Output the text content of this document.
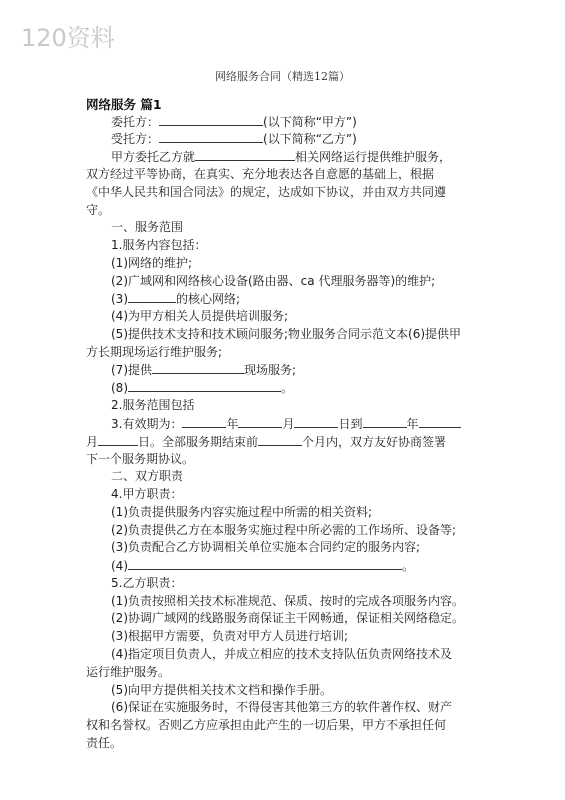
120资料
网络服务合同（精选12篇）
网络服务 篇1
委托方：	(以下简称“甲方”)
受托方：	(以下简称“乙方”)
甲方委托乙方就	相关网络运行提供维护服务，
双方经过平等协商，在真实、充分地表达各自意愿的基础上，根据
《中华人民共和国合同法》的规定，达成如下协议，并由双方共同遵
守。
一、服务范围
1.服务内容包括：
(1)网络的维护;
(2)广域网和网络核心设备(路由器、ca 代理服务器等)的维护;
(3)	的核心网络;
(4)为甲方相关人员提供培训服务;
(5)提供技术支持和技术顾问服务;物业服务合同示范文本(6)提供甲
方长期现场运行维护服务;
(7)提供	现场服务;
(8)	。
2.服务范围包括
3.有效期为：	年	月	日到	年
月	日。全部服务期结束前	个月内，双方友好协商签署
下一个服务期协议。
二、双方职责
4.甲方职责：
(1)负责提供服务内容实施过程中所需的相关资料;
(2)负责提供乙方在本服务实施过程中所必需的工作场所、设备等;
(3)负责配合乙方协调相关单位实施本合同约定的服务内容;
(4)	。
5.乙方职责：
(1)负责按照相关技术标准规范、保质、按时的完成各项服务内容。
(2)协调广域网的线路服务商保证主干网畅通，保证相关网络稳定。
(3)根据甲方需要，负责对甲方人员进行培训;
(4)指定项目负责人，并成立相应的技术支持队伍负责网络技术及
运行维护服务。
(5)向甲方提供相关技术文档和操作手册。
(6)保证在实施服务时，不得侵害其他第三方的软件著作权、财产
权和名誉权。否则乙方应承担由此产生的一切后果，甲方不承担任何
责任。
